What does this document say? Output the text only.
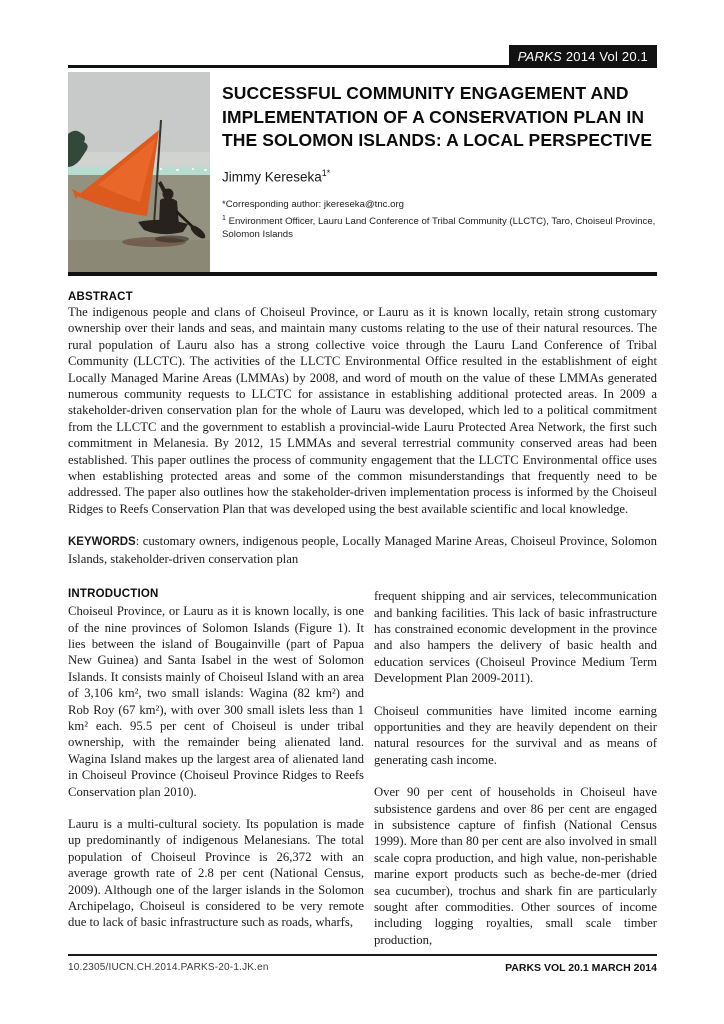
PARKS 2014 Vol 20.1
SUCCESSFUL COMMUNITY ENGAGEMENT AND IMPLEMENTATION OF A CONSERVATION PLAN IN THE SOLOMON ISLANDS: A LOCAL PERSPECTIVE

Jimmy Kereseka$^{1*}$

*Corresponding author: jkereseka@tnc.org
$^1$ Environment Officer, Lauru Land Conference of Tribal Community (LLCTC), Taro, Choiseul Province, Solomon Islands

ABSTRACT

The indigenous people and clans of Choiseul Province, or Lauru as it is known locally, retain strong customary ownership over their lands and seas, and maintain many customs relating to the use of their natural resources. The rural population of Lauru also has a strong collective voice through the Lauru Land Conference of Tribal Community (LLCTC). The activities of the LLCTC Environmental Office resulted in the establishment of eight Locally Managed Marine Areas (LMMAs) by 2008, and word of mouth on the value of these LMMAs generated numerous community requests to LLCTC for assistance in establishing additional protected areas. In 2009 a stakeholder-driven conservation plan for the whole of Lauru was developed, which led to a political commitment from the LLCTC and the government to establish a provincial-wide Lauru Protected Area Network, the first such commitment in Melanesia. By 2012, 15 LMMAs and several terrestrial community conserved areas had been established. This paper outlines the process of community engagement that the LLCTC Environmental office uses when establishing protected areas and some of the common misunderstandings that frequently need to be addressed. The paper also outlines how the stakeholder-driven implementation process is informed by the Choiseul Ridges to Reefs Conservation Plan that was developed using the best available scientific and local knowledge.

KEYWORDS: customary owners, indigenous people, Locally Managed Marine Areas, Choiseul Province, Solomon Islands, stakeholder-driven conservation plan

INTRODUCTION

Choiseul Province, or Lauru as it is known locally, is one of the nine provinces of Solomon Islands (Figure 1). It lies between the island of Bougainville (part of Papua New Guinea) and Santa Isabel in the west of Solomon Islands. It consists mainly of Choiseul Island with an area of 3,106 km², two small islands: Wagina (82 km²) and Rob Roy (67 km²), with over 300 small islets less than 1 km² each. 95.5 per cent of Choiseul is under tribal ownership, with the remainder being alienated land. Wagina Island makes up the largest area of alienated land in Choiseul Province (Choiseul Province Ridges to Reefs Conservation plan 2010).

Lauru is a multi-cultural society. Its population is made up predominantly of indigenous Melanesians. The total population of Choiseul Province is 26,372 with an average growth rate of 2.8 per cent (National Census, 2009). Although one of the larger islands in the Solomon Archipelago, Choiseul is considered to be very remote due to lack of basic infrastructure such as roads, wharfs,

frequent shipping and air services, telecommunication and banking facilities. This lack of basic infrastructure has constrained economic development in the province and also hampers the delivery of basic health and education services (Choiseul Province Medium Term Development Plan 2009-2011).

Choiseul communities have limited income earning opportunities and they are heavily dependent on their natural resources for the survival and as means of generating cash income.

Over 90 per cent of households in Choiseul have subsistence gardens and over 86 per cent are engaged in subsistence capture of finfish (National Census 1999). More than 80 per cent are also involved in small scale copra production, and high value, non-perishable marine export products such as beche-de-mer (dried sea cucumber), trochus and shark fin are particularly sought after commodities. Other sources of income including logging royalties, small scale timber production,

10.2305/IUCN.CH.2014.PARKS-20-1.JK.en	PARKS VOL 20.1 MARCH 2014
